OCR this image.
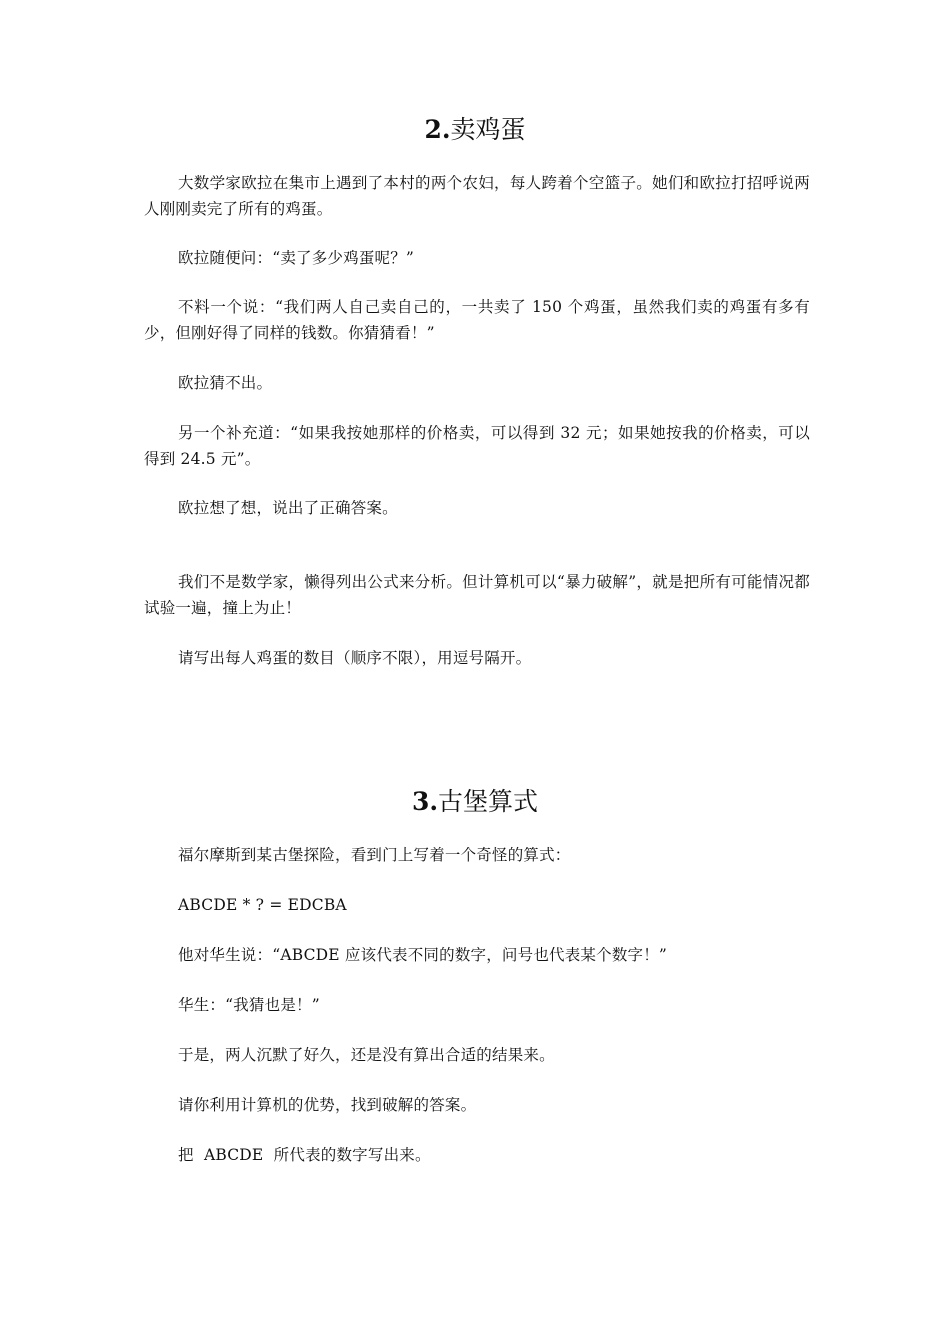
2.卖鸡蛋

大数学家欧拉在集市上遇到了本村的两个农妇，每人跨着个空篮子。她们和欧拉打招呼说两人刚刚卖完了所有的鸡蛋。

欧拉随便问：“卖了多少鸡蛋呢？”

不料一个说：“我们两人自己卖自己的，一共卖了 150 个鸡蛋，虽然我们卖的鸡蛋有多有少，但刚好得了同样的钱数。你猜猜看！”

欧拉猜不出。

另一个补充道：“如果我按她那样的价格卖，可以得到 32 元；如果她按我的价格卖，可以得到 24.5 元”。

欧拉想了想，说出了正确答案。

我们不是数学家，懒得列出公式来分析。但计算机可以“暴力破解”，就是把所有可能情况都试验一遍，撞上为止！

请写出每人鸡蛋的数目（顺序不限），用逗号隔开。

3.古堡算式

福尔摩斯到某古堡探险，看到门上写着一个奇怪的算式：

ABCDE * ? = EDCBA

他对华生说：“ABCDE 应该代表不同的数字，问号也代表某个数字！”

华生：“我猜也是！”

于是，两人沉默了好久，还是没有算出合适的结果来。

请你利用计算机的优势，找到破解的答案。

把  ABCDE  所代表的数字写出来。
